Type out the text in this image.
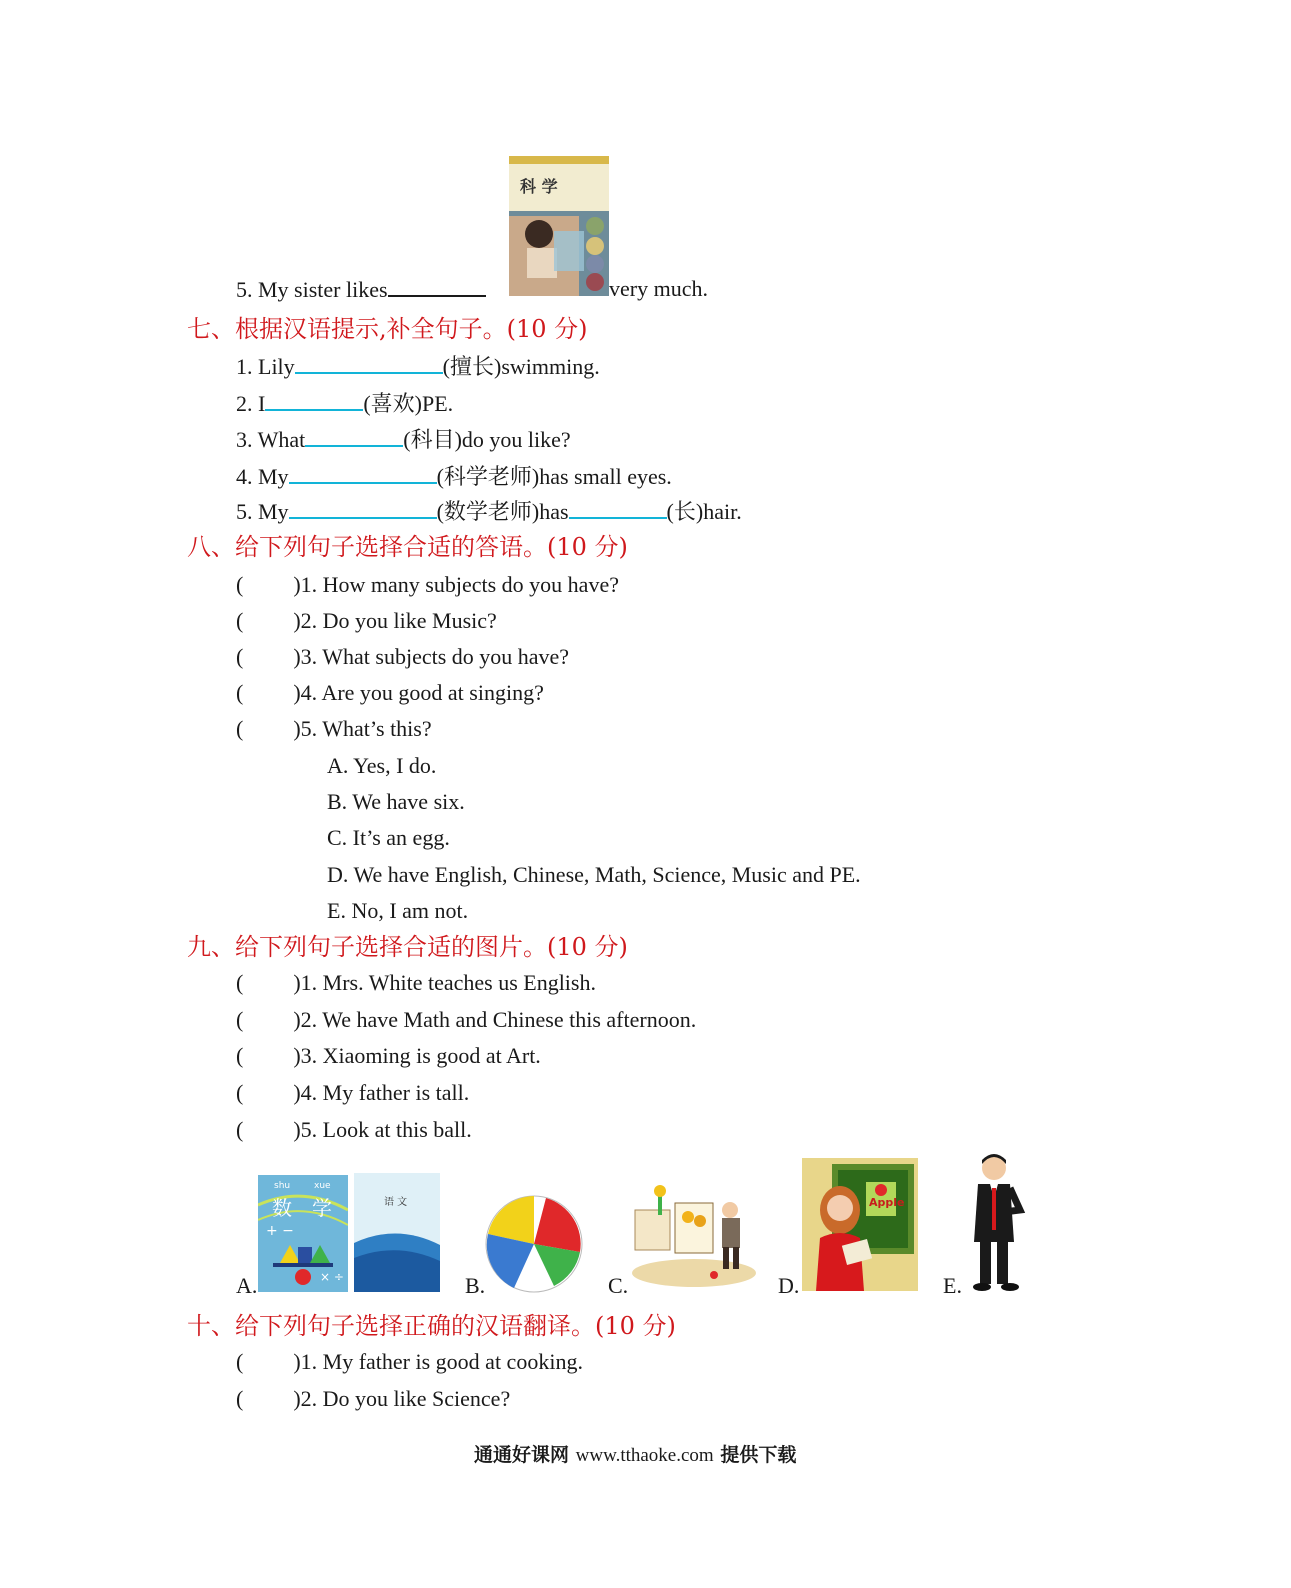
科 学
5. My sister likes	very much.
七、根据汉语提示,补全句子。(10 分)
1. Lily	(擅长)swimming.
2. I	(喜欢)PE.
3. What	(科目)do you like?
4. My	(科学老师)has small eyes.
5. My	(数学老师)has	(长)hair.
八、给下列句子选择合适的答语。(10 分)
( )1. How many subjects do you have?
( )2. Do you like Music?
( )3. What subjects do you have?
( )4. Are you good at singing?
( )5. What’s this?
A. Yes, I do.
B. We have six.
C. It’s an egg.
D. We have English, Chinese, Math, Science, Music and PE.
E. No, I am not.
九、给下列句子选择合适的图片。(10 分)
( )1. Mrs. White teaches us English.
( )2. We have Math and Chinese this afternoon.
( )3. Xiaoming is good at Art.
( )4. My father is tall.
( )5. Look at this ball.
A.
+ −
× ÷
shu	xue
数 学	语 文
B.	C.	D.
Apple
E.
十、给下列句子选择正确的汉语翻译。(10 分)
( )1. My father is good at cooking.
( )2. Do you like Science?
通通好课网 www.tthaoke.com 提供下载
